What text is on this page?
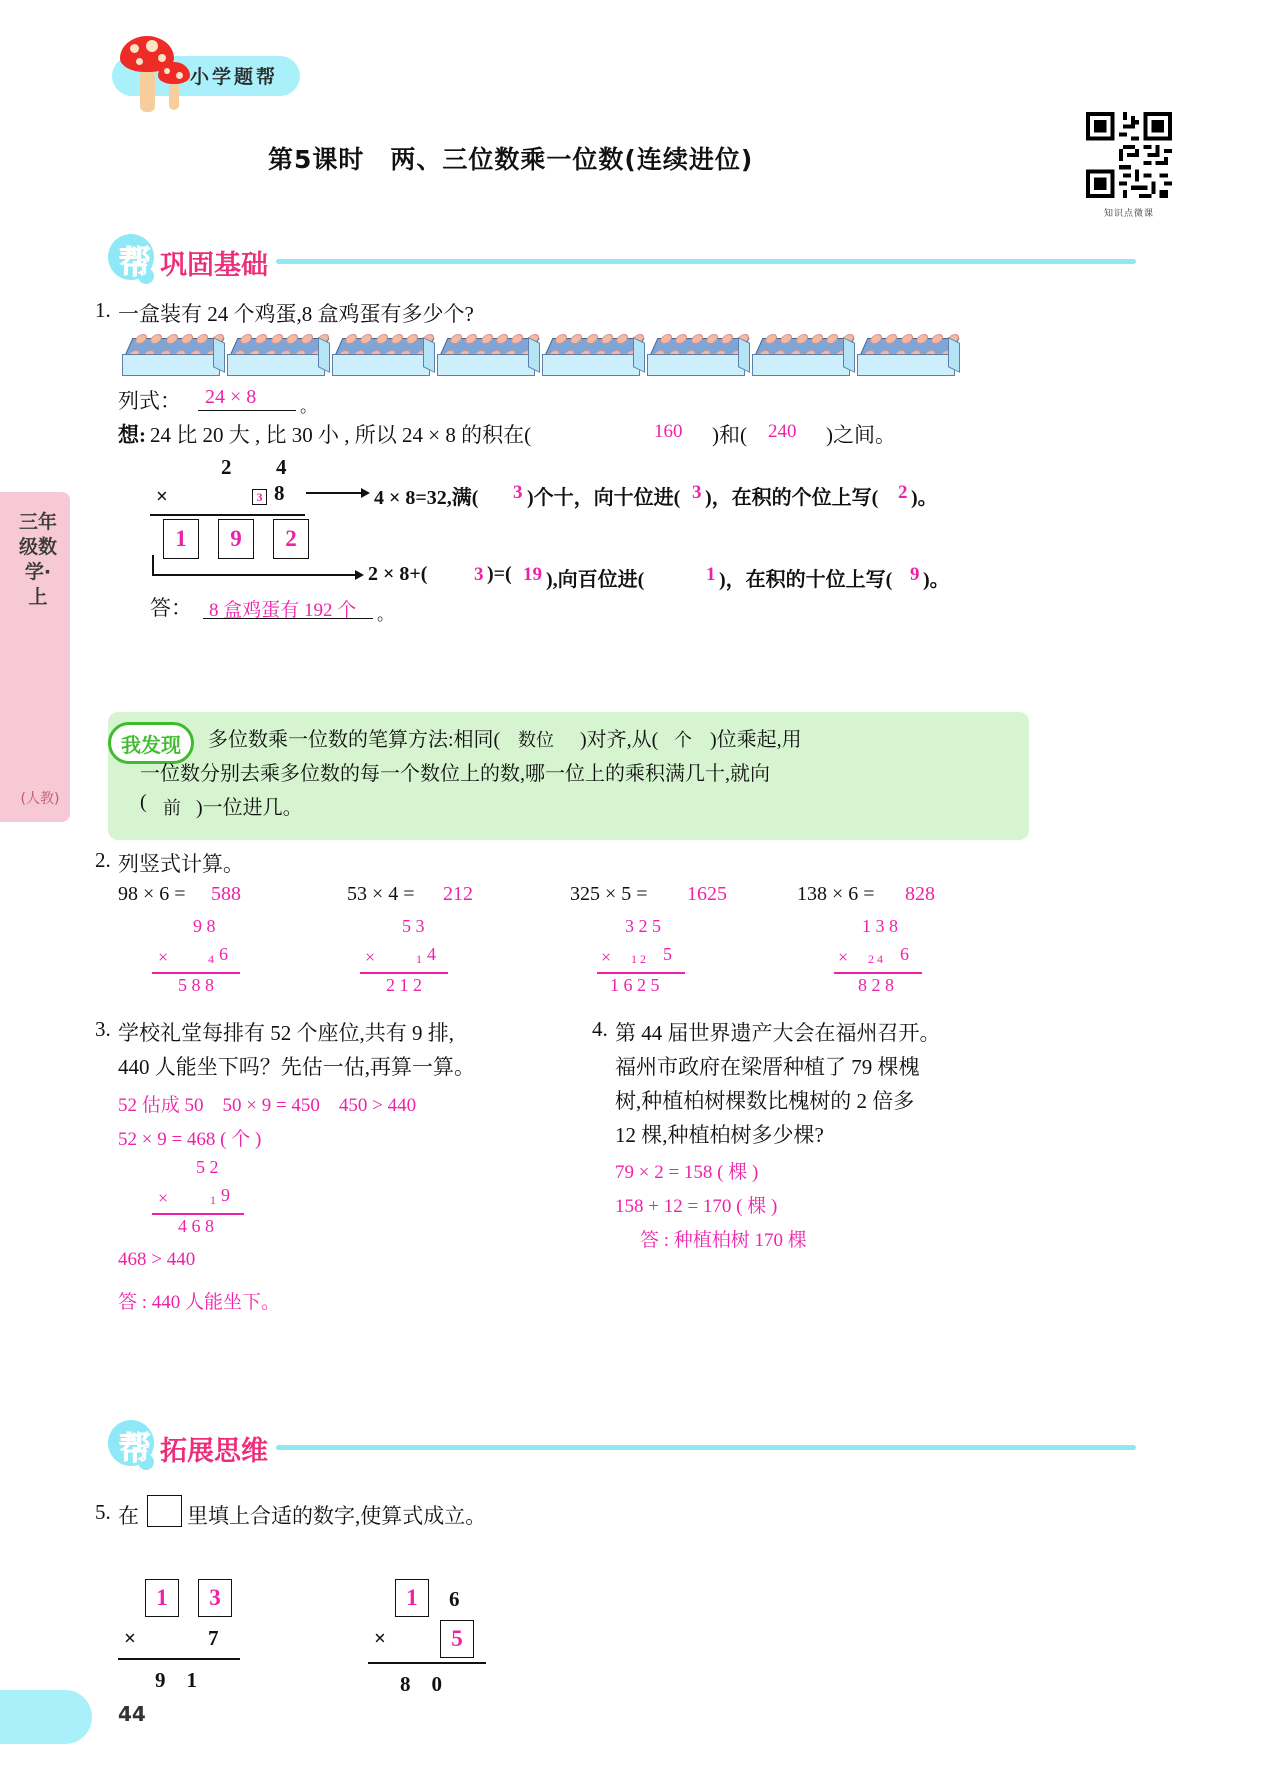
小学题帮
知识点微课
第5课时　两、三位数乘一位数(连续进位)
三年级数学·上
(人教)
帮 巩固基础
1. 一盒装有 24 个鸡蛋,8 盒鸡蛋有多少个?
列式： 24 × 8	。
想: 24 比 20 大 , 比 30 小 , 所以 24 × 8 的积在(	160 )和( 240 )之间。
2 4
×	3 8
1	9	2
4 × 8=32,满( 3 )个十，向十位进( 3 )，在积的个位上写( 2 )。
2 × 8+( 3 )=( 19 ),向百位进(	1 )，在积的十位上写( 9 )。
答： 8 盒鸡蛋有 192 个 。
我发现	多位数乘一位数的笔算方法:相同( 数位 )对齐,从( 个 )位乘起,用
一位数分别去乘多位数的每一个数位上的数,哪一位上的乘积满几十,就向
( 前 )一位进几。
2. 列竖式计算。
98 × 6 = 588
9 8
×	4 6
5 8 8
53 × 4 = 212
5 3
×	1 4
2 1 2
325 × 5 = 1625
3 2 5
× 1 2 5
1 6 2 5
138 × 6 = 828
1 3 8
× 2 4 6
8 2 8
3. 学校礼堂每排有 52 个座位,共有 9 排,
440 人能坐下吗？先估一估,再算一算。
52 估成 50　50 × 9 = 450　450 > 440
52 × 9 = 468 ( 个 )
5 2
×	1 9
4 6 8
468 > 440
答 : 440 人能坐下。
4. 第 44 届世界遗产大会在福州召开。
福州市政府在梁厝种植了 79 棵槐
树,种植柏树棵数比槐树的 2 倍多
12 棵,种植柏树多少棵?
79 × 2 = 158 ( 棵 )
158 + 12 = 170 ( 棵 )
答 : 种植柏树 170 棵
帮 拓展思维
5. 在 里填上合适的数字,使算式成立。
1	3
×	7
9　1
1	6
×	5
8　0
44
